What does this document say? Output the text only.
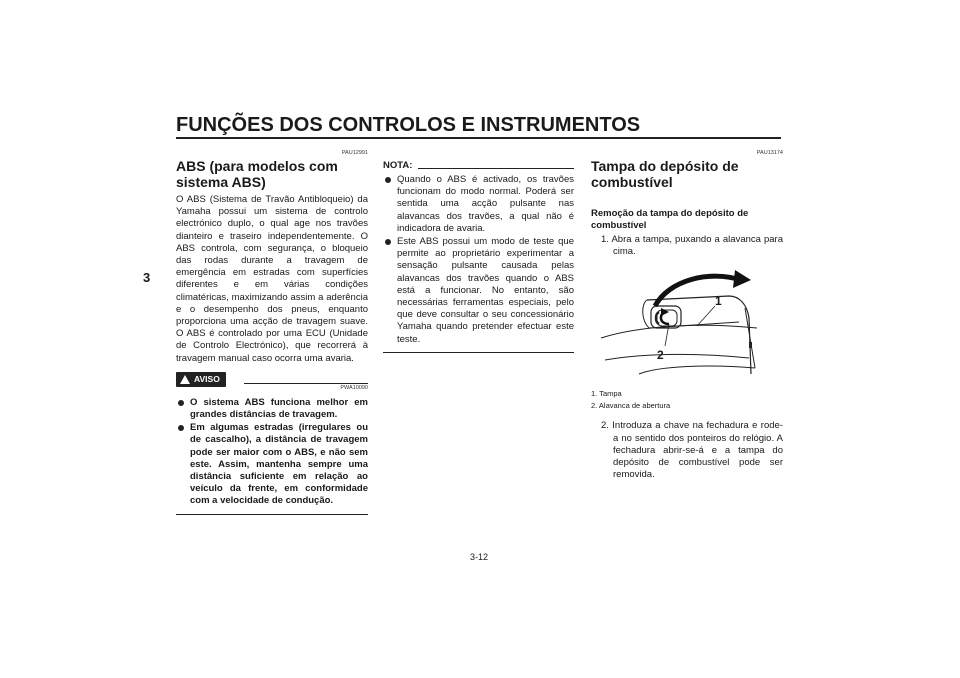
FUNÇÕES DOS CONTROLOS E INSTRUMENTOS
3
PAU12991
ABS (para modelos com sistema ABS)

O ABS (Sistema de Travão Antibloqueio) da Yamaha possui um sistema de controlo electrónico duplo, o qual age nos travões dianteiro e traseiro independentemente. O ABS controla, com segurança, o bloqueio das rodas durante a travagem de emergência em estradas com superfícies diferentes e em várias condições climatéricas, maximizando assim a aderência e o desempenho dos pneus, enquanto proporciona uma acção de travagem suave. O ABS é controlado por uma ECU (Unidade de Controlo Electrónico), que recorrerá à travagem manual caso ocorra uma avaria.

AVISO
PWA10090
O sistema ABS funciona melhor em grandes distâncias de travagem.
Em algumas estradas (irregulares ou de cascalho), a distância de travagem pode ser maior com o ABS, e não sem este. Assim, mantenha sempre uma distância suficiente em relação ao veículo da frente, em conformidade com a velocidade de condução.
NOTA:
Quando o ABS é activado, os travões funcionam do modo normal. Poderá ser sentida uma acção pulsante nas alavancas dos travões, a qual não é indicadora de avaria.
Este ABS possui um modo de teste que permite ao proprietário experimentar a sensação pulsante causada pelas alavancas dos travões quando o ABS está a funcionar. No entanto, são necessárias ferramentas especiais, pelo que deve consultar o seu concessionário Yamaha quando pretender efectuar este teste.
PAU13174
Tampa do depósito de combustível
Remoção da tampa do depósito de combustível

1. Abra a tampa, puxando a alavanca para cima.

1
2
1. Tampa
2. Alavanca de abertura

2. Introduza a chave na fechadura e rode-a no sentido dos ponteiros do relógio. A fechadura abrir-se-á e a tampa do depósito de combustível pode ser removida.

3-12
